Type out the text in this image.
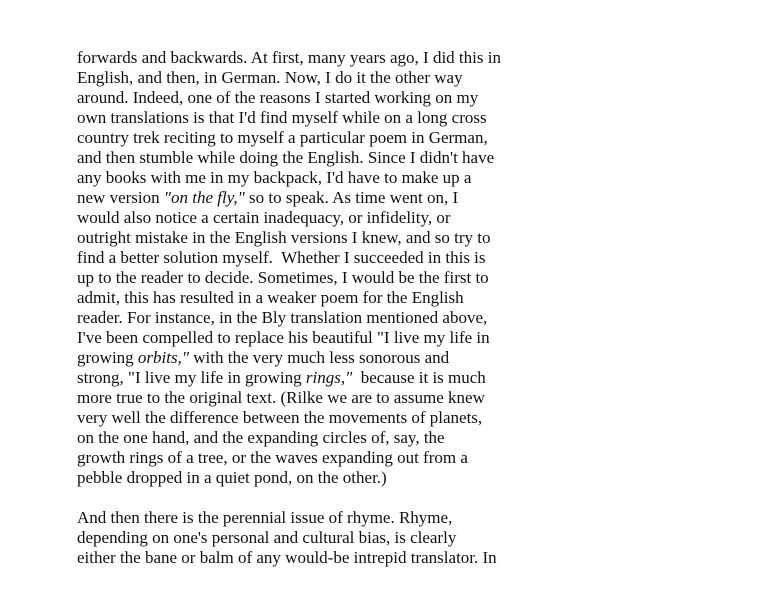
forwards and backwards. At first, many years ago, I did this in
English, and then, in German. Now, I do it the other way
around. Indeed, one of the reasons I started working on my
own translations is that I'd find myself while on a long cross
country trek reciting to myself a particular poem in German,
and then stumble while doing the English. Since I didn't have
any books with me in my backpack, I'd have to make up a
new version "on the fly," so to speak. As time went on, I
would also notice a certain inadequacy, or infidelity, or
outright mistake in the English versions I knew, and so try to
find a better solution myself.  Whether I succeeded in this is
up to the reader to decide. Sometimes, I would be the first to
admit, this has resulted in a weaker poem for the English
reader. For instance, in the Bly translation mentioned above,
I've been compelled to replace his beautiful "I live my life in
growing orbits," with the very much less sonorous and
strong, "I live my life in growing rings,"  because it is much
more true to the original text. (Rilke we are to assume knew
very well the difference between the movements of planets,
on the one hand, and the expanding circles of, say, the
growth rings of a tree, or the waves expanding out from a
pebble dropped in a quiet pond, on the other.)

And then there is the perennial issue of rhyme. Rhyme,
depending on one's personal and cultural bias, is clearly
either the bane or balm of any would-be intrepid translator. In
